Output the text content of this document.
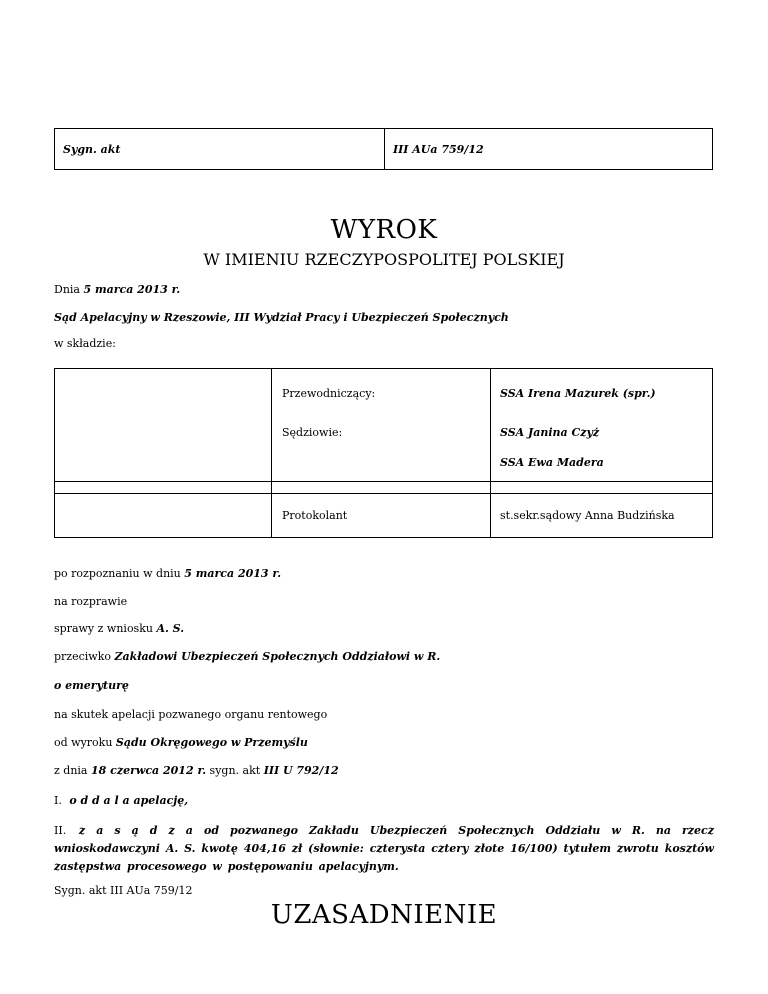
Sygn. akt	III AUa 759/12
WYROK
W IMIENIU RZECZYPOSPOLITEJ POLSKIEJ
Dnia 5 marca 2013 r.
Sąd Apelacyjny w Rzeszowie, III Wydział Pracy i Ubezpieczeń Społecznych
w składzie:
Przewodniczący:	SSA Irena Mazurek (spr.)
Sędziowie:	SSA Janina Czyż
SSA Ewa Madera
Protokolant	st.sekr.sądowy Anna Budzińska
po rozpoznaniu w dniu 5 marca 2013 r.
na rozprawie
sprawy z wniosku A. S.
przeciwko Zakładowi Ubezpieczeń Społecznych Oddziałowi w R.
o emeryturę
na skutek apelacji pozwanego organu rentowego
od wyroku Sądu Okręgowego w Przemyślu
z dnia 18 czerwca 2012 r. sygn. akt III U 792/12
I. o d d a l a apelację,
II. z a s ą d z a od pozwanego Zakładu Ubezpieczeń Społecznych Oddziału w R. na rzecz wnioskodawczyni A. S. kwotę 404,16 zł (słownie: czterysta cztery złote 16/100) tytułem zwrotu kosztów zastępstwa procesowego w postępowaniu apelacyjnym.
Sygn. akt III AUa 759/12
UZASADNIENIE
